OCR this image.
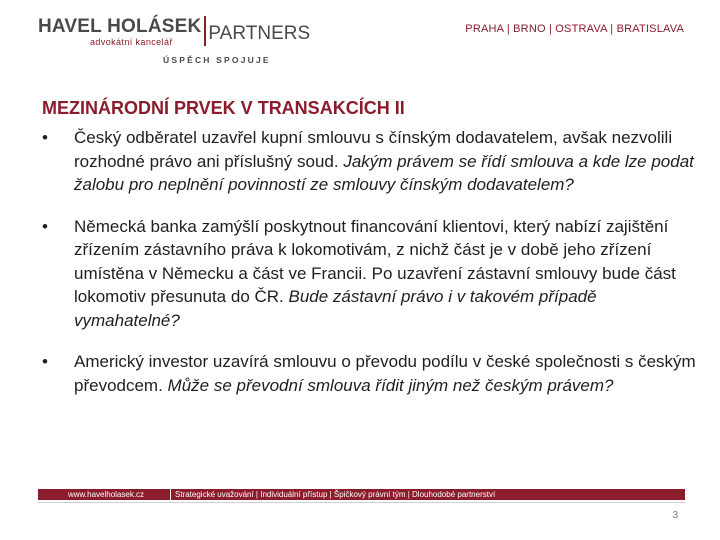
HAVEL HOLÁSEK
advokátní kancelář	PARTNERS
ÚSPĚCH SPOJUJE
PRAHA | BRNO | OSTRAVA | BRATISLAVA
MEZINÁRODNÍ PRVEK V TRANSAKCÍCH II
• Český odběratel uzavřel kupní smlouvu s čínským dodavatelem, avšak nezvolili rozhodné právo ani příslušný soud. Jakým právem se řídí smlouva a kde lze podat žalobu pro neplnění povinností ze smlouvy čínským dodavatelem?
• Německá banka zamýšlí poskytnout financování klientovi, který nabízí zajištění zřízením zástavního práva k lokomotivám, z nichž část je v době jeho zřízení umístěna v Německu a část ve Francii. Po uzavření zástavní smlouvy bude část lokomotiv přesunuta do ČR. Bude zástavní právo i v takovém případě vymahatelné?
• Americký investor uzavírá smlouvu o převodu podílu v české společnosti s českým převodcem. Může se převodní smlouva řídit jiným než českým právem?
www.havelholasek.cz	Strategické uvažování | Individuální přístup | Špičkový právní tým | Dlouhodobé partnerství
3
